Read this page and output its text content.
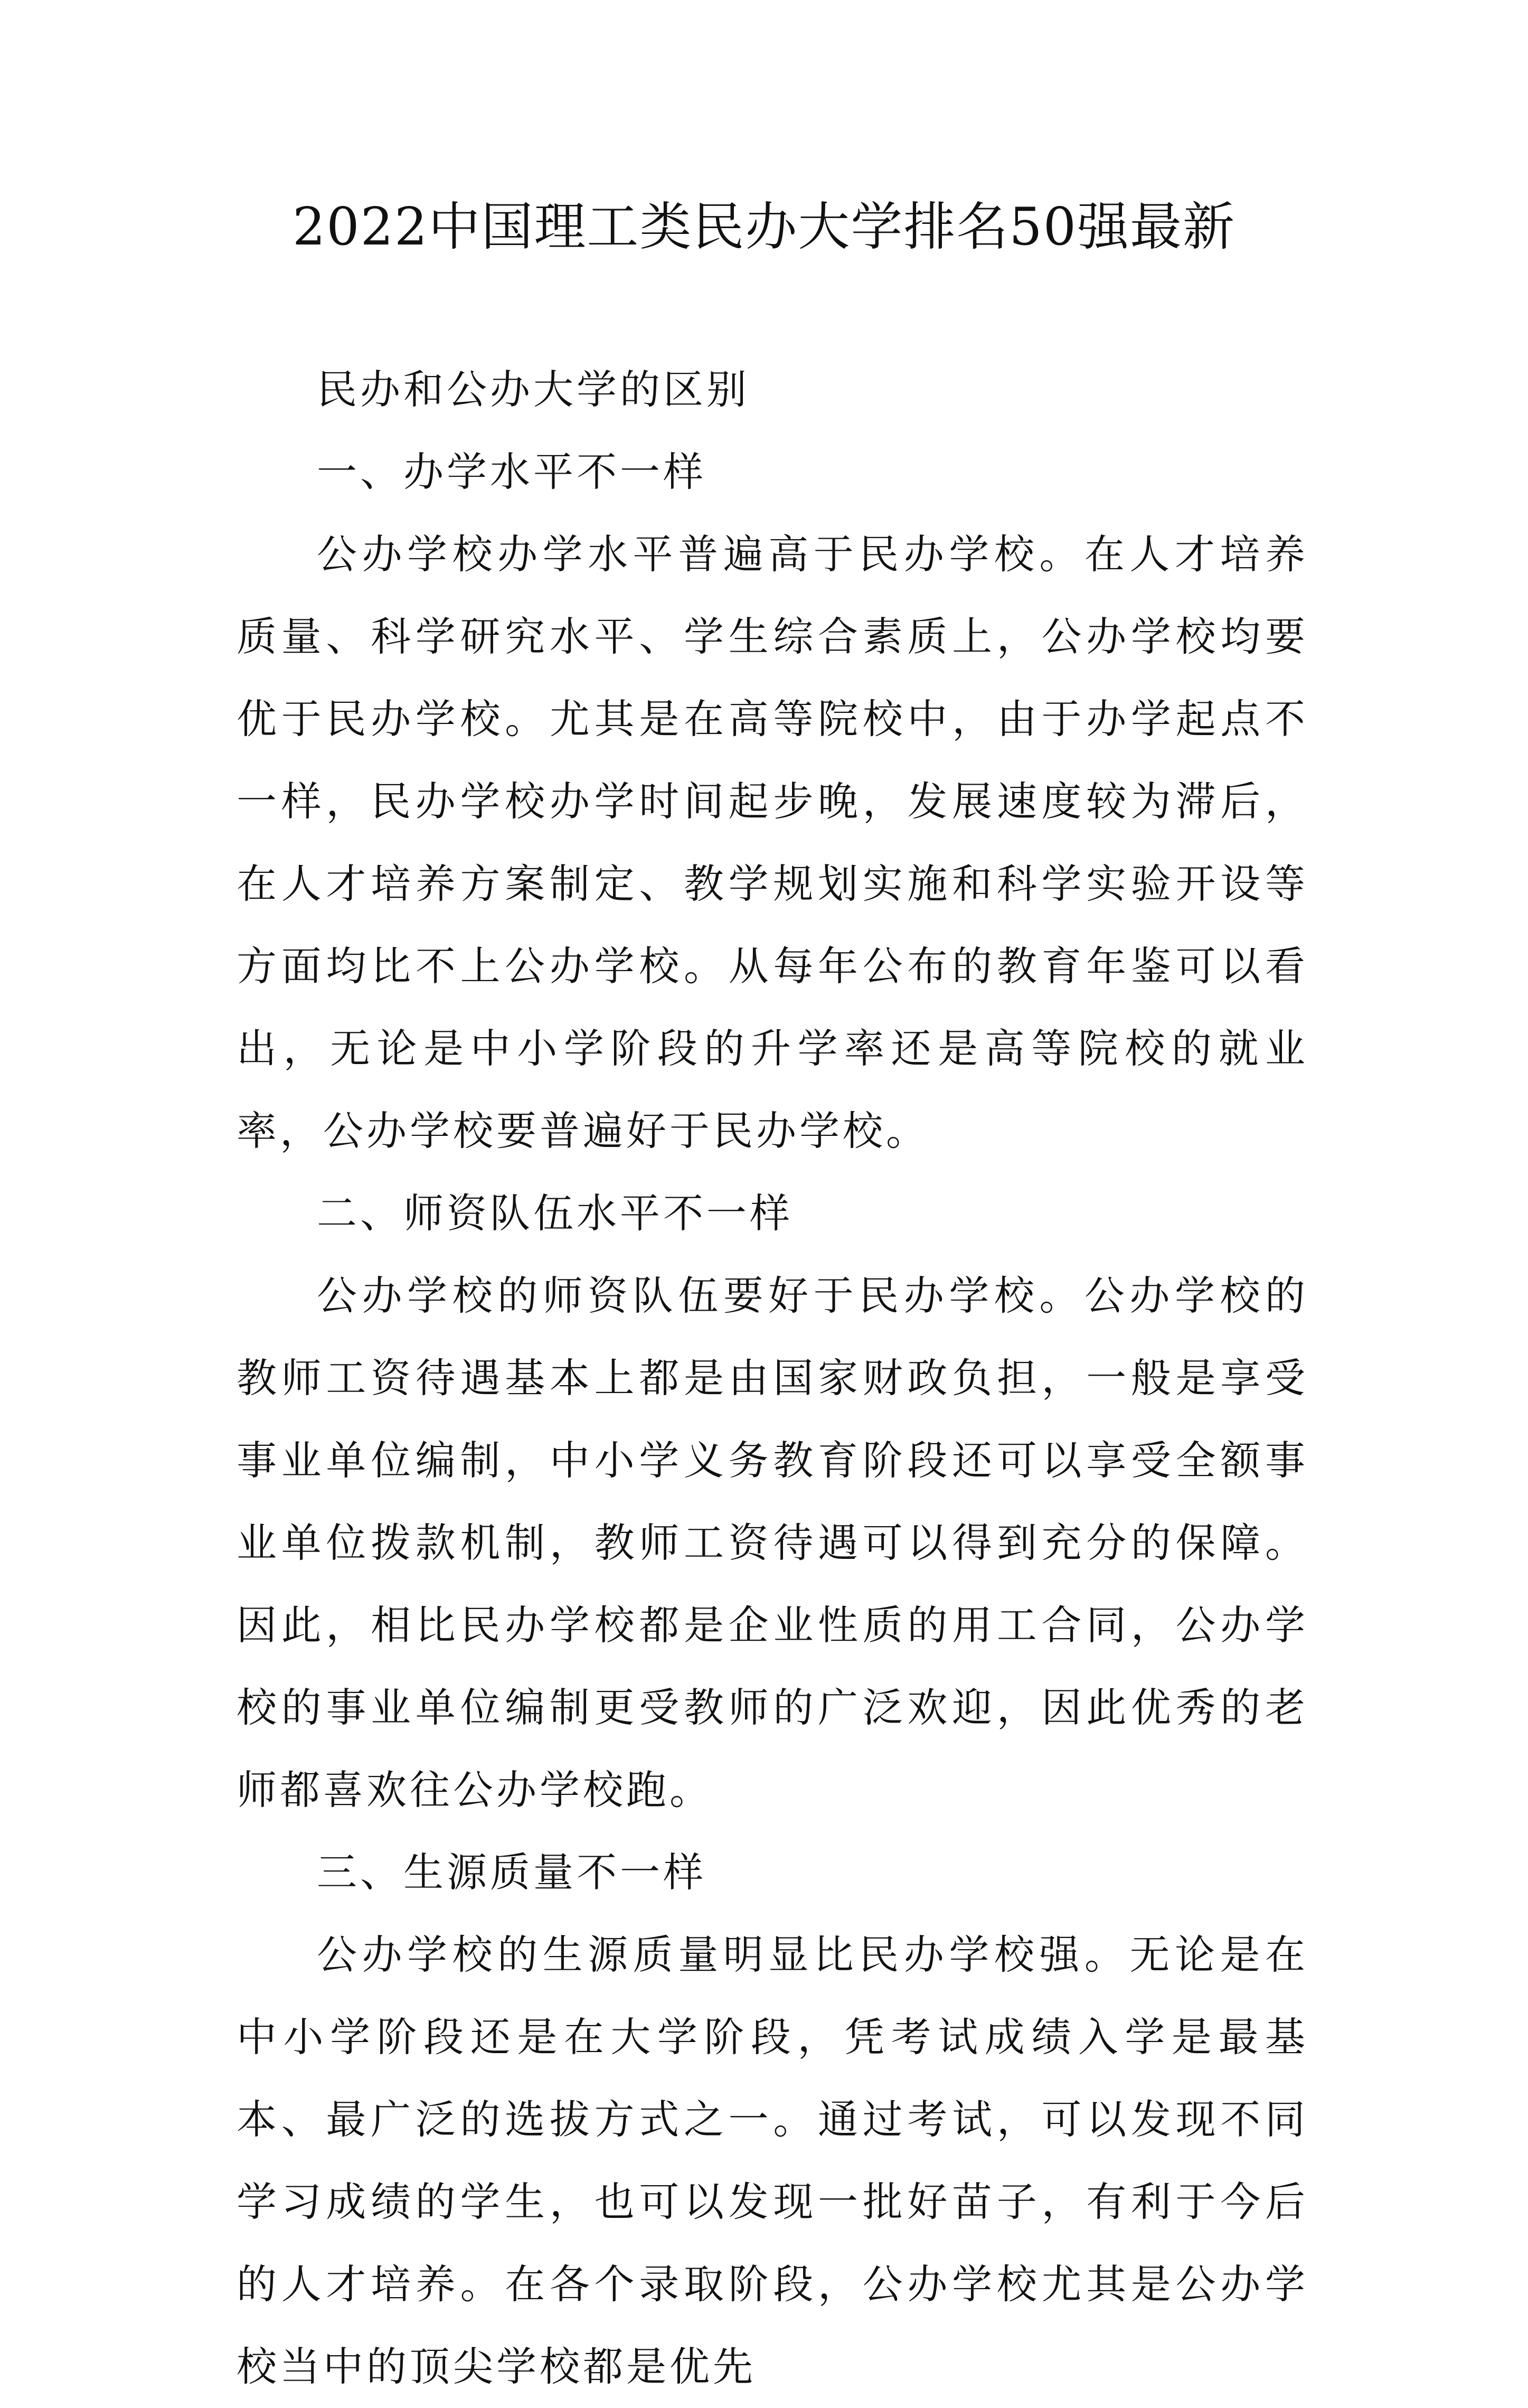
2022中国理工类民办大学排名50强最新

民办和公办大学的区别

一、办学水平不一样

公办学校办学水平普遍高于民办学校。在人才培养质量、科学研究水平、学生综合素质上，公办学校均要优于民办学校。尤其是在高等院校中，由于办学起点不一样，民办学校办学时间起步晚，发展速度较为滞后，在人才培养方案制定、教学规划实施和科学实验开设等方面均比不上公办学校。从每年公布的教育年鉴可以看出，无论是中小学阶段的升学率还是高等院校的就业率，公办学校要普遍好于民办学校。

二、师资队伍水平不一样

公办学校的师资队伍要好于民办学校。公办学校的教师工资待遇基本上都是由国家财政负担，一般是享受事业单位编制，中小学义务教育阶段还可以享受全额事业单位拨款机制，教师工资待遇可以得到充分的保障。因此，相比民办学校都是企业性质的用工合同，公办学校的事业单位编制更受教师的广泛欢迎，因此优秀的老师都喜欢往公办学校跑。

三、生源质量不一样

公办学校的生源质量明显比民办学校强。无论是在中小学阶段还是在大学阶段，凭考试成绩入学是最基本、最广泛的选拔方式之一。通过考试，可以发现不同学习成绩的学生，也可以发现一批好苗子，有利于今后的人才培养。在各个录取阶段，公办学校尤其是公办学校当中的顶尖学校都是优先
